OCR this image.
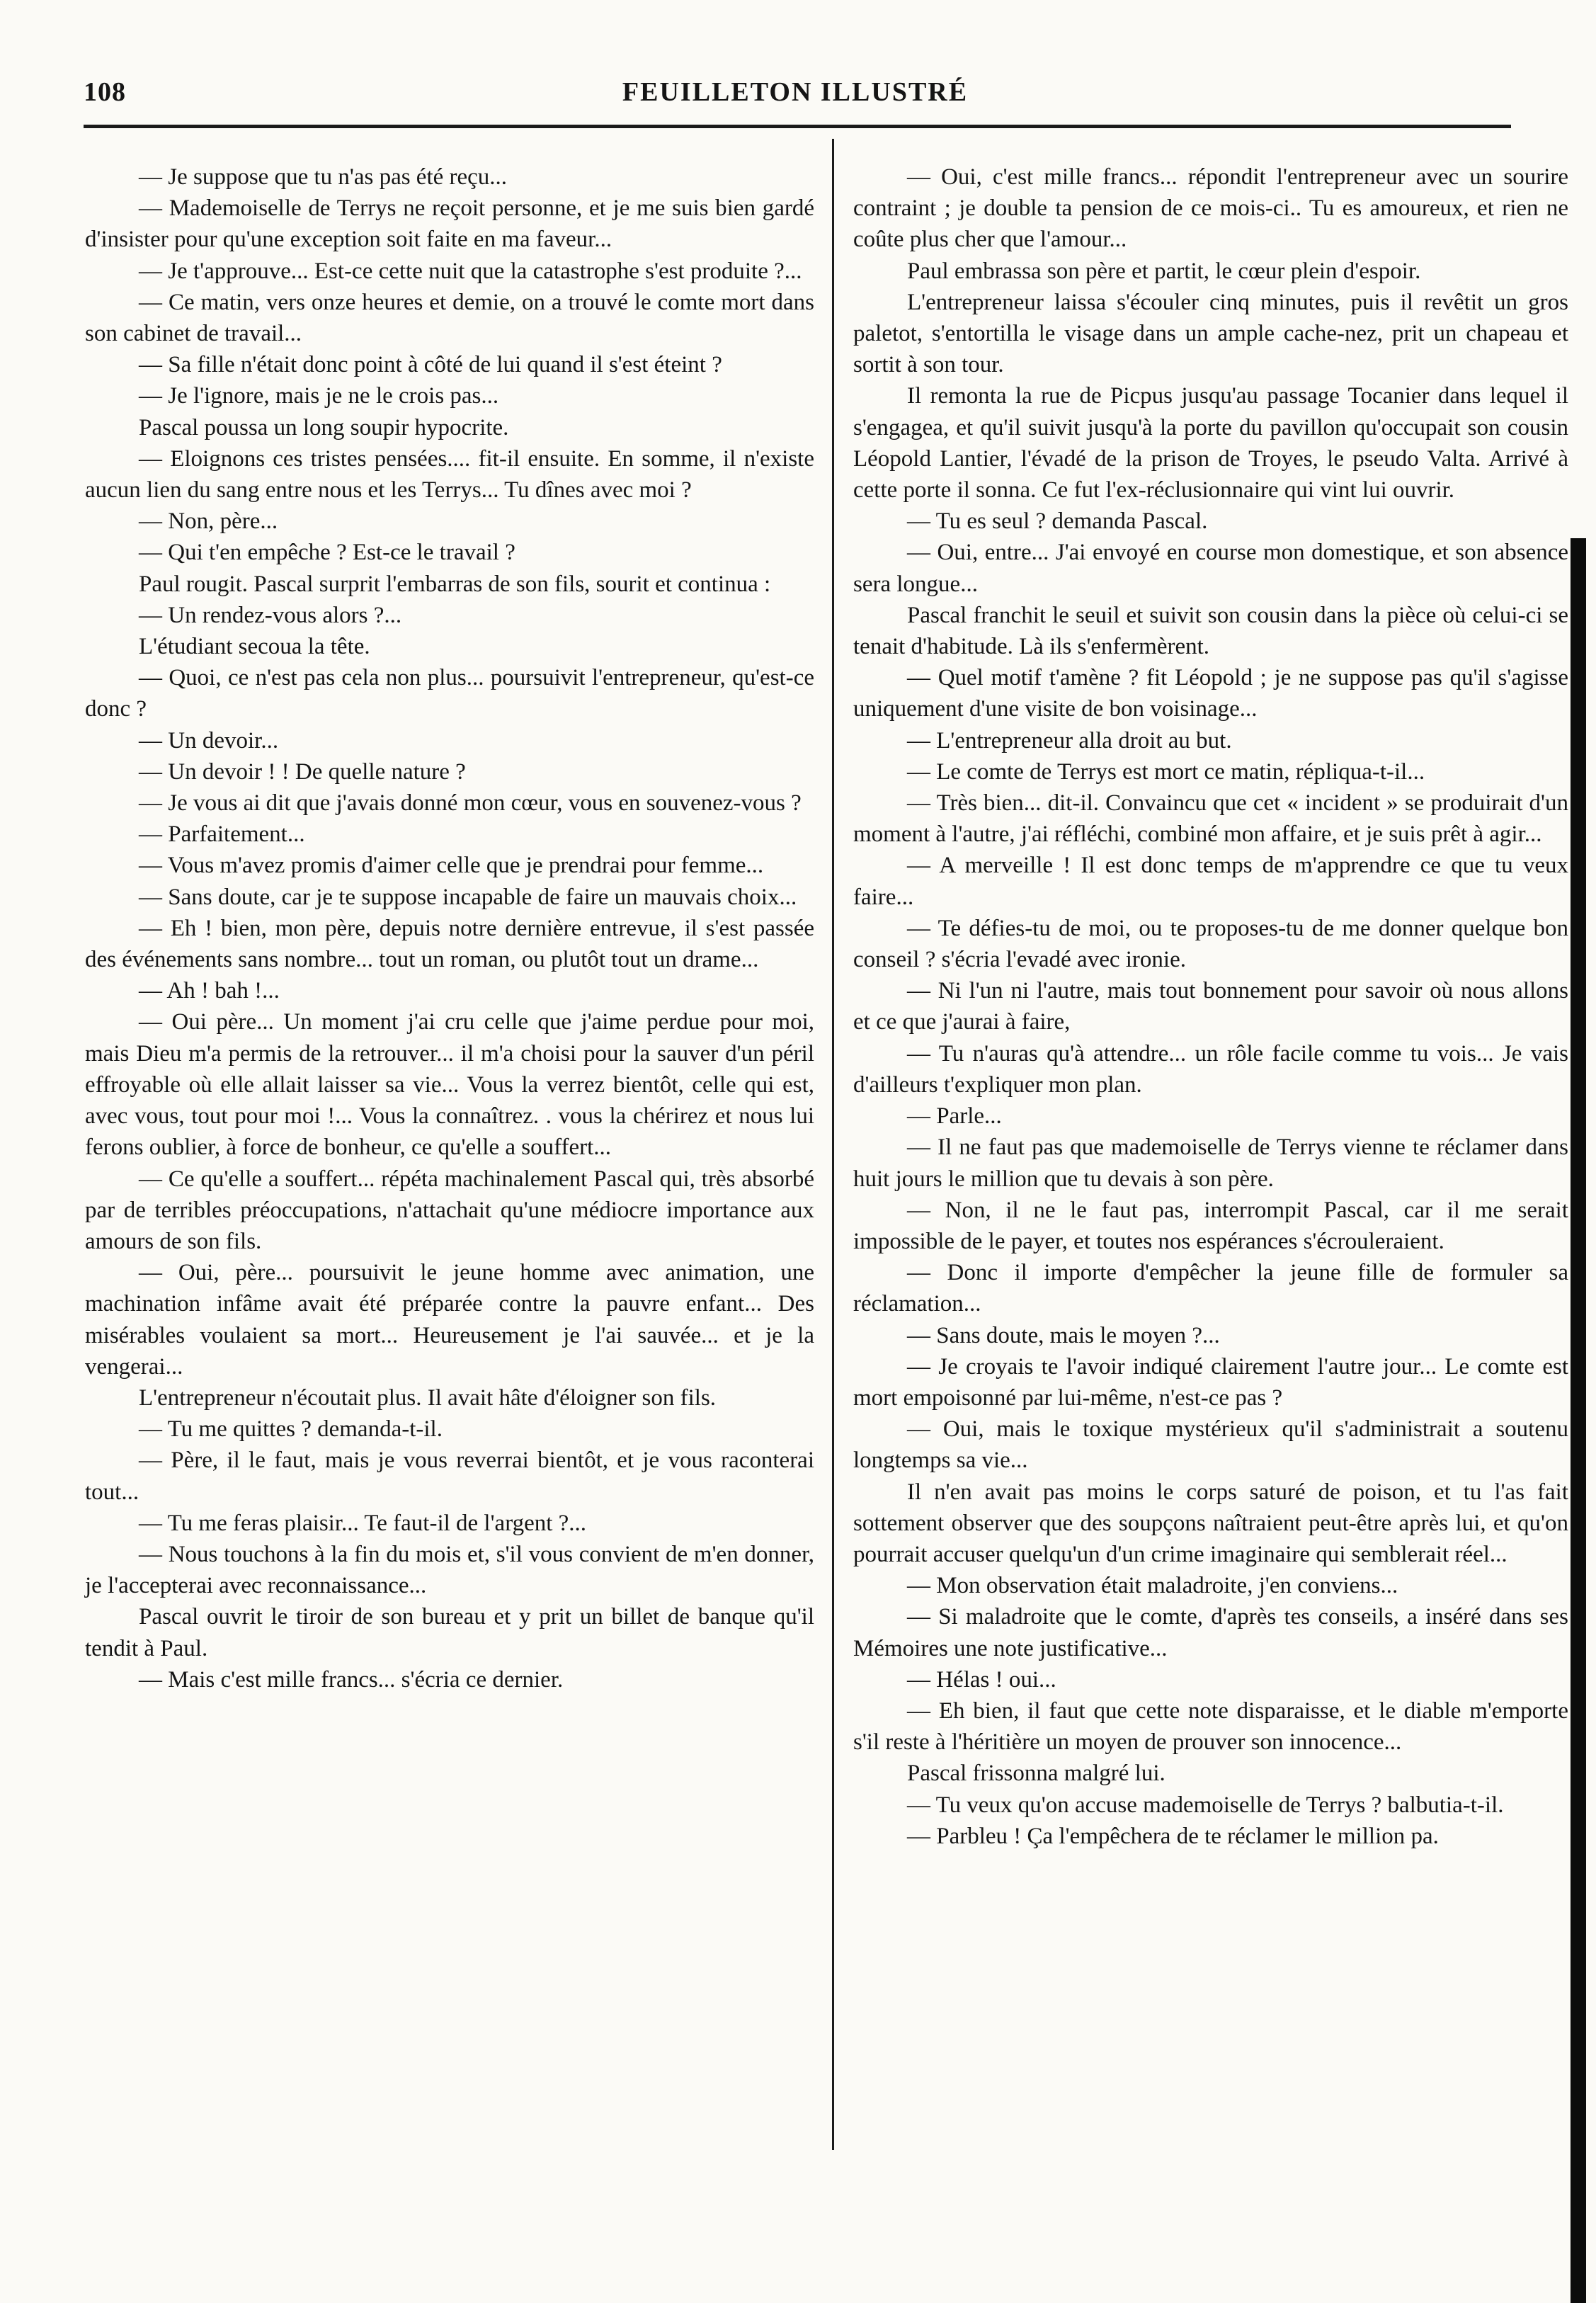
108	FEUILLETON ILLUSTRÉ

— Je suppose que tu n'as pas été reçu...

— Mademoiselle de Terrys ne reçoit personne, et je me suis bien gardé d'insister pour qu'une exception soit faite en ma faveur...

— Je t'approuve... Est-ce cette nuit que la catastrophe s'est produite ?...

— Ce matin, vers onze heures et demie, on a trouvé le comte mort dans son cabinet de travail...

— Sa fille n'était donc point à côté de lui quand il s'est éteint ?

— Je l'ignore, mais je ne le crois pas...

Pascal poussa un long soupir hypocrite.

— Eloignons ces tristes pensées.... fit-il ensuite. En somme, il n'existe aucun lien du sang entre nous et les Terrys... Tu dînes avec moi ?

— Non, père...

— Qui t'en empêche ? Est-ce le travail ?

Paul rougit. Pascal surprit l'embarras de son fils, sourit et continua :

— Un rendez-vous alors ?...

L'étudiant secoua la tête.

— Quoi, ce n'est pas cela non plus... poursuivit l'entrepreneur, qu'est-ce donc ?

— Un devoir...

— Un devoir ! ! De quelle nature ?

— Je vous ai dit que j'avais donné mon cœur, vous en souvenez-vous ?

— Parfaitement...

— Vous m'avez promis d'aimer celle que je prendrai pour femme...

— Sans doute, car je te suppose incapable de faire un mauvais choix...

— Eh ! bien, mon père, depuis notre dernière entrevue, il s'est passée des événements sans nombre... tout un roman, ou plutôt tout un drame...

— Ah ! bah !...

— Oui père... Un moment j'ai cru celle que j'aime perdue pour moi, mais Dieu m'a permis de la retrouver... il m'a choisi pour la sauver d'un péril effroyable où elle allait laisser sa vie... Vous la verrez bientôt, celle qui est, avec vous, tout pour moi !... Vous la connaîtrez. . vous la chérirez et nous lui ferons oublier, à force de bonheur, ce qu'elle a souffert...

— Ce qu'elle a souffert... répéta machinalement Pascal qui, très absorbé par de terribles préoccupations, n'attachait qu'une médiocre importance aux amours de son fils.

— Oui, père... poursuivit le jeune homme avec animation, une machination infâme avait été préparée contre la pauvre enfant... Des misérables voulaient sa mort... Heureusement je l'ai sauvée... et je la vengerai...

L'entrepreneur n'écoutait plus. Il avait hâte d'éloigner son fils.

— Tu me quittes ? demanda-t-il.

— Père, il le faut, mais je vous reverrai bientôt, et je vous raconterai tout...

— Tu me feras plaisir... Te faut-il de l'argent ?...

— Nous touchons à la fin du mois et, s'il vous convient de m'en donner, je l'accepterai avec reconnaissance...

Pascal ouvrit le tiroir de son bureau et y prit un billet de banque qu'il tendit à Paul.

— Mais c'est mille francs... s'écria ce dernier.

— Oui, c'est mille francs... répondit l'entrepreneur avec un sourire contraint ; je double ta pension de ce mois-ci.. Tu es amoureux, et rien ne coûte plus cher que l'amour...

Paul embrassa son père et partit, le cœur plein d'espoir.

L'entrepreneur laissa s'écouler cinq minutes, puis il revêtit un gros paletot, s'entortilla le visage dans un ample cache-nez, prit un chapeau et sortit à son tour.

Il remonta la rue de Picpus jusqu'au passage Tocanier dans lequel il s'engagea, et qu'il suivit jusqu'à la porte du pavillon qu'occupait son cousin Léopold Lantier, l'évadé de la prison de Troyes, le pseudo Valta. Arrivé à cette porte il sonna. Ce fut l'ex-réclusionnaire qui vint lui ouvrir.

— Tu es seul ? demanda Pascal.

— Oui, entre... J'ai envoyé en course mon domestique, et son absence sera longue...

Pascal franchit le seuil et suivit son cousin dans la pièce où celui-ci se tenait d'habitude. Là ils s'enfermèrent.

— Quel motif t'amène ? fit Léopold ; je ne suppose pas qu'il s'agisse uniquement d'une visite de bon voisinage...

— L'entrepreneur alla droit au but.

— Le comte de Terrys est mort ce matin, répliqua-t-il...

— Très bien... dit-il. Convaincu que cet « incident » se produirait d'un moment à l'autre, j'ai réfléchi, combiné mon affaire, et je suis prêt à agir...

— A merveille ! Il est donc temps de m'apprendre ce que tu veux faire...

— Te défies-tu de moi, ou te proposes-tu de me donner quelque bon conseil ? s'écria l'evadé avec ironie.

— Ni l'un ni l'autre, mais tout bonnement pour savoir où nous allons et ce que j'aurai à faire,

— Tu n'auras qu'à attendre... un rôle facile comme tu vois... Je vais d'ailleurs t'expliquer mon plan.

— Parle...

— Il ne faut pas que mademoiselle de Terrys vienne te réclamer dans huit jours le million que tu devais à son père.

— Non, il ne le faut pas, interrompit Pascal, car il me serait impossible de le payer, et toutes nos espérances s'écrouleraient.

— Donc il importe d'empêcher la jeune fille de formuler sa réclamation...

— Sans doute, mais le moyen ?...

— Je croyais te l'avoir indiqué clairement l'autre jour... Le comte est mort empoisonné par lui-même, n'est-ce pas ?

— Oui, mais le toxique mystérieux qu'il s'administrait a soutenu longtemps sa vie...

Il n'en avait pas moins le corps saturé de poison, et tu l'as fait sottement observer que des soupçons naîtraient peut-être après lui, et qu'on pourrait accuser quelqu'un d'un crime imaginaire qui semblerait réel...

— Mon observation était maladroite, j'en conviens...

— Si maladroite que le comte, d'après tes conseils, a inséré dans ses Mémoires une note justificative...

— Hélas ! oui...

— Eh bien, il faut que cette note disparaisse, et le diable m'emporte s'il reste à l'héritière un moyen de prouver son innocence...

Pascal frissonna malgré lui.

— Tu veux qu'on accuse mademoiselle de Terrys ? balbutia-t-il.

— Parbleu ! Ça l'empêchera de te réclamer le million pa.
